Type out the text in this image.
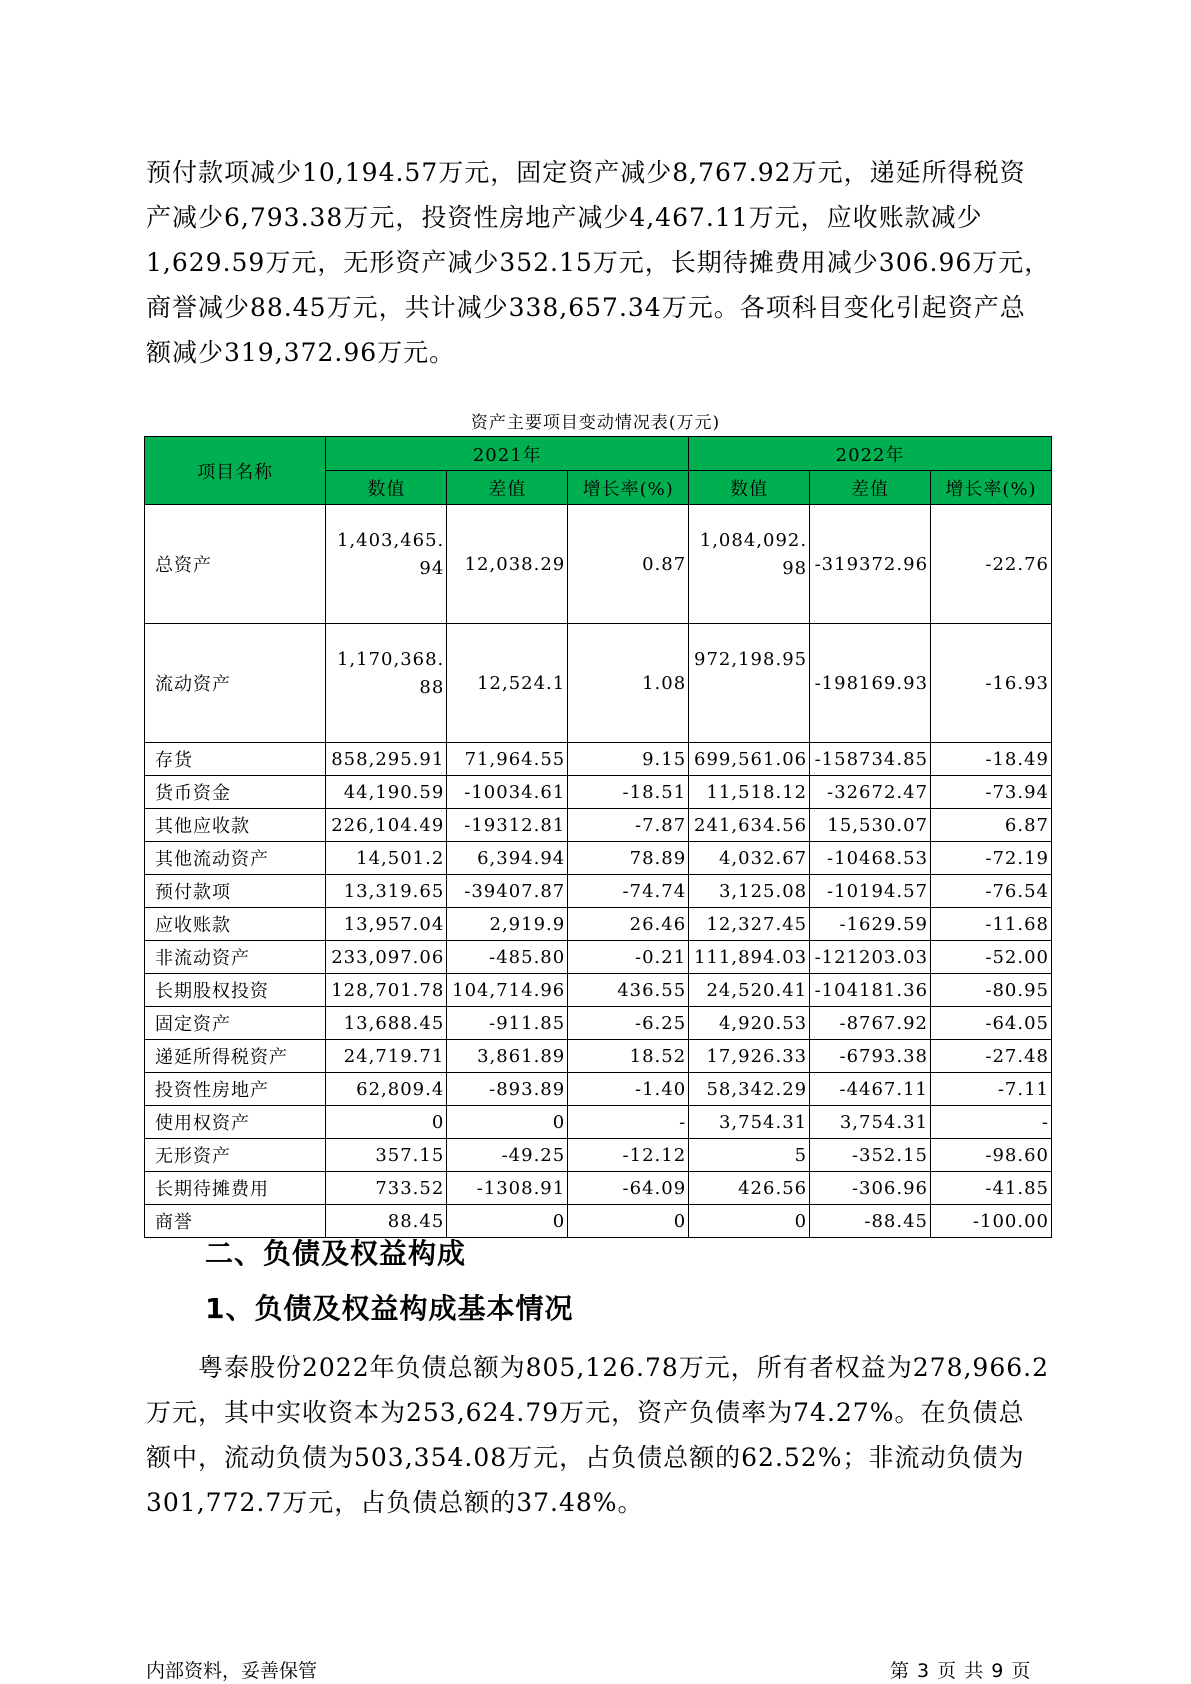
预付款项减少10,194.57万元，固定资产减少8,767.92万元，递延所得税资
产减少6,793.38万元，投资性房地产减少4,467.11万元，应收账款减少
1,629.59万元，无形资产减少352.15万元，长期待摊费用减少306.96万元，
商誉减少88.45万元，共计减少338,657.34万元。各项科目变化引起资产总
额减少319,372.96万元。
资产主要项目变动情况表(万元)
项目名称	2021年			2022年		
	数值	差值	增长率(%)	数值	差值	增长率(%)
总资产	1,403,465.94	12,038.29	0.87	1,084,092.98	-319372.96	-22.76
流动资产	1,170,368.88	12,524.1	1.08	972,198.95	-198169.93	-16.93
存货	858,295.91	71,964.55	9.15	699,561.06	-158734.85	-18.49
货币资金	44,190.59	-10034.61	-18.51	11,518.12	-32672.47	-73.94
其他应收款	226,104.49	-19312.81	-7.87	241,634.56	15,530.07	6.87
其他流动资产	14,501.2	6,394.94	78.89	4,032.67	-10468.53	-72.19
预付款项	13,319.65	-39407.87	-74.74	3,125.08	-10194.57	-76.54
应收账款	13,957.04	2,919.9	26.46	12,327.45	-1629.59	-11.68
非流动资产	233,097.06	-485.80	-0.21	111,894.03	-121203.03	-52.00
长期股权投资	128,701.78	104,714.96	436.55	24,520.41	-104181.36	-80.95
固定资产	13,688.45	-911.85	-6.25	4,920.53	-8767.92	-64.05
递延所得税资产	24,719.71	3,861.89	18.52	17,926.33	-6793.38	-27.48
投资性房地产	62,809.4	-893.89	-1.40	58,342.29	-4467.11	-7.11
使用权资产	0	0	-	3,754.31	3,754.31	-
无形资产	357.15	-49.25	-12.12	5	-352.15	-98.60
长期待摊费用	733.52	-1308.91	-64.09	426.56	-306.96	-41.85
商誉	88.45	0	0	0	-88.45	-100.00
二、负债及权益构成
1、负债及权益构成基本情况
　　粤泰股份2022年负债总额为805,126.78万元，所有者权益为278,966.2
万元，其中实收资本为253,624.79万元，资产负债率为74.27%。在负债总
额中，流动负债为503,354.08万元，占负债总额的62.52%；非流动负债为
301,772.7万元，占负债总额的37.48%。
内部资料，妥善保管	第 3 页 共 9 页
